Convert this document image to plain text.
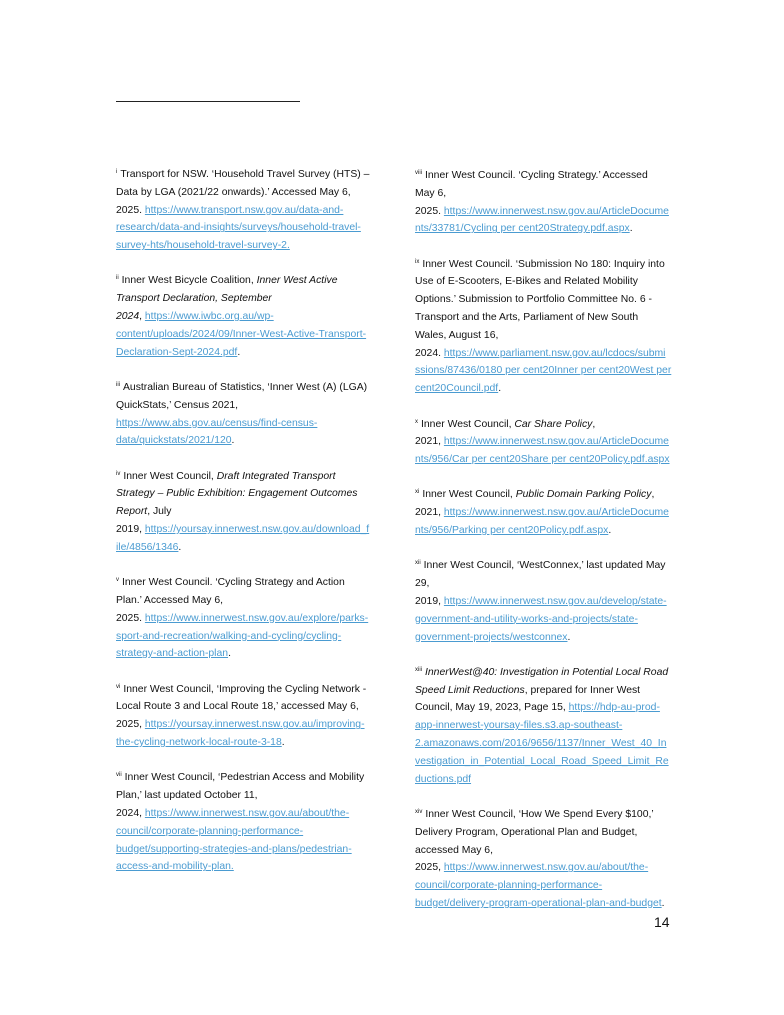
$^i$ Transport for NSW. ‘Household Travel Survey (HTS) –
Data by LGA (2021/22 onwards).’ Accessed May 6,
2025. https://www.transport.nsw.gov.au/data-and-
research/data-and-insights/surveys/household-travel-
survey-hts/household-travel-survey-2.

$^{ii}$ Inner West Bicycle Coalition, Inner West Active
Transport Declaration, September
2024, https://www.iwbc.org.au/wp-
content/uploads/2024/09/Inner-West-Active-Transport-
Declaration-Sept-2024.pdf.

$^{iii}$ Australian Bureau of Statistics, ‘Inner West (A) (LGA)
QuickStats,’ Census 2021,
https://www.abs.gov.au/census/find-census-
data/quickstats/2021/120.

$^{iv}$ Inner West Council, Draft Integrated Transport
Strategy – Public Exhibition: Engagement Outcomes
Report, July
2019, https://yoursay.innerwest.nsw.gov.au/download_f
ile/4856/1346.

$^v$ Inner West Council. ‘Cycling Strategy and Action
Plan.’ Accessed May 6,
2025. https://www.innerwest.nsw.gov.au/explore/parks-
sport-and-recreation/walking-and-cycling/cycling-
strategy-and-action-plan.

$^{vi}$ Inner West Council, ‘Improving the Cycling Network -
Local Route 3 and Local Route 18,’ accessed May 6,
2025, https://yoursay.innerwest.nsw.gov.au/improving-
the-cycling-network-local-route-3-18.

$^{vii}$ Inner West Council, ‘Pedestrian Access and Mobility
Plan,’ last updated October 11,
2024, https://www.innerwest.nsw.gov.au/about/the-
council/corporate-planning-performance-
budget/supporting-strategies-and-plans/pedestrian-
access-and-mobility-plan.

$^{viii}$ Inner West Council. ‘Cycling Strategy.’ Accessed
May 6,
2025. https://www.innerwest.nsw.gov.au/ArticleDocume
nts/33781/Cycling per cent20Strategy.pdf.aspx.

$^{ix}$ Inner West Council. ‘Submission No 180: Inquiry into
Use of E-Scooters, E-Bikes and Related Mobility
Options.’ Submission to Portfolio Committee No. 6 -
Transport and the Arts, Parliament of New South
Wales, August 16,
2024. https://www.parliament.nsw.gov.au/lcdocs/submi
ssions/87436/0180 per cent20Inner per cent20West per
cent20Council.pdf.

$^x$ Inner West Council, Car Share Policy,
2021, https://www.innerwest.nsw.gov.au/ArticleDocume
nts/956/Car per cent20Share per cent20Policy.pdf.aspx

$^{xi}$ Inner West Council, Public Domain Parking Policy,
2021, https://www.innerwest.nsw.gov.au/ArticleDocume
nts/956/Parking per cent20Policy.pdf.aspx.

$^{xii}$ Inner West Council, ‘WestConnex,’ last updated May
29,
2019, https://www.innerwest.nsw.gov.au/develop/state-
government-and-utility-works-and-projects/state-
government-projects/westconnex.

$^{xiii}$ InnerWest@40: Investigation in Potential Local Road
Speed Limit Reductions, prepared for Inner West
Council, May 19, 2023, Page 15, https://hdp-au-prod-
app-innerwest-yoursay-files.s3.ap-southeast-
2.amazonaws.com/2016/9656/1137/Inner_West_40_In
vestigation_in_Potential_Local_Road_Speed_Limit_Re
ductions.pdf

$^{xiv}$ Inner West Council, ‘How We Spend Every $100,’
Delivery Program, Operational Plan and Budget,
accessed May 6,
2025, https://www.innerwest.nsw.gov.au/about/the-
council/corporate-planning-performance-
budget/delivery-program-operational-plan-and-budget.

14
